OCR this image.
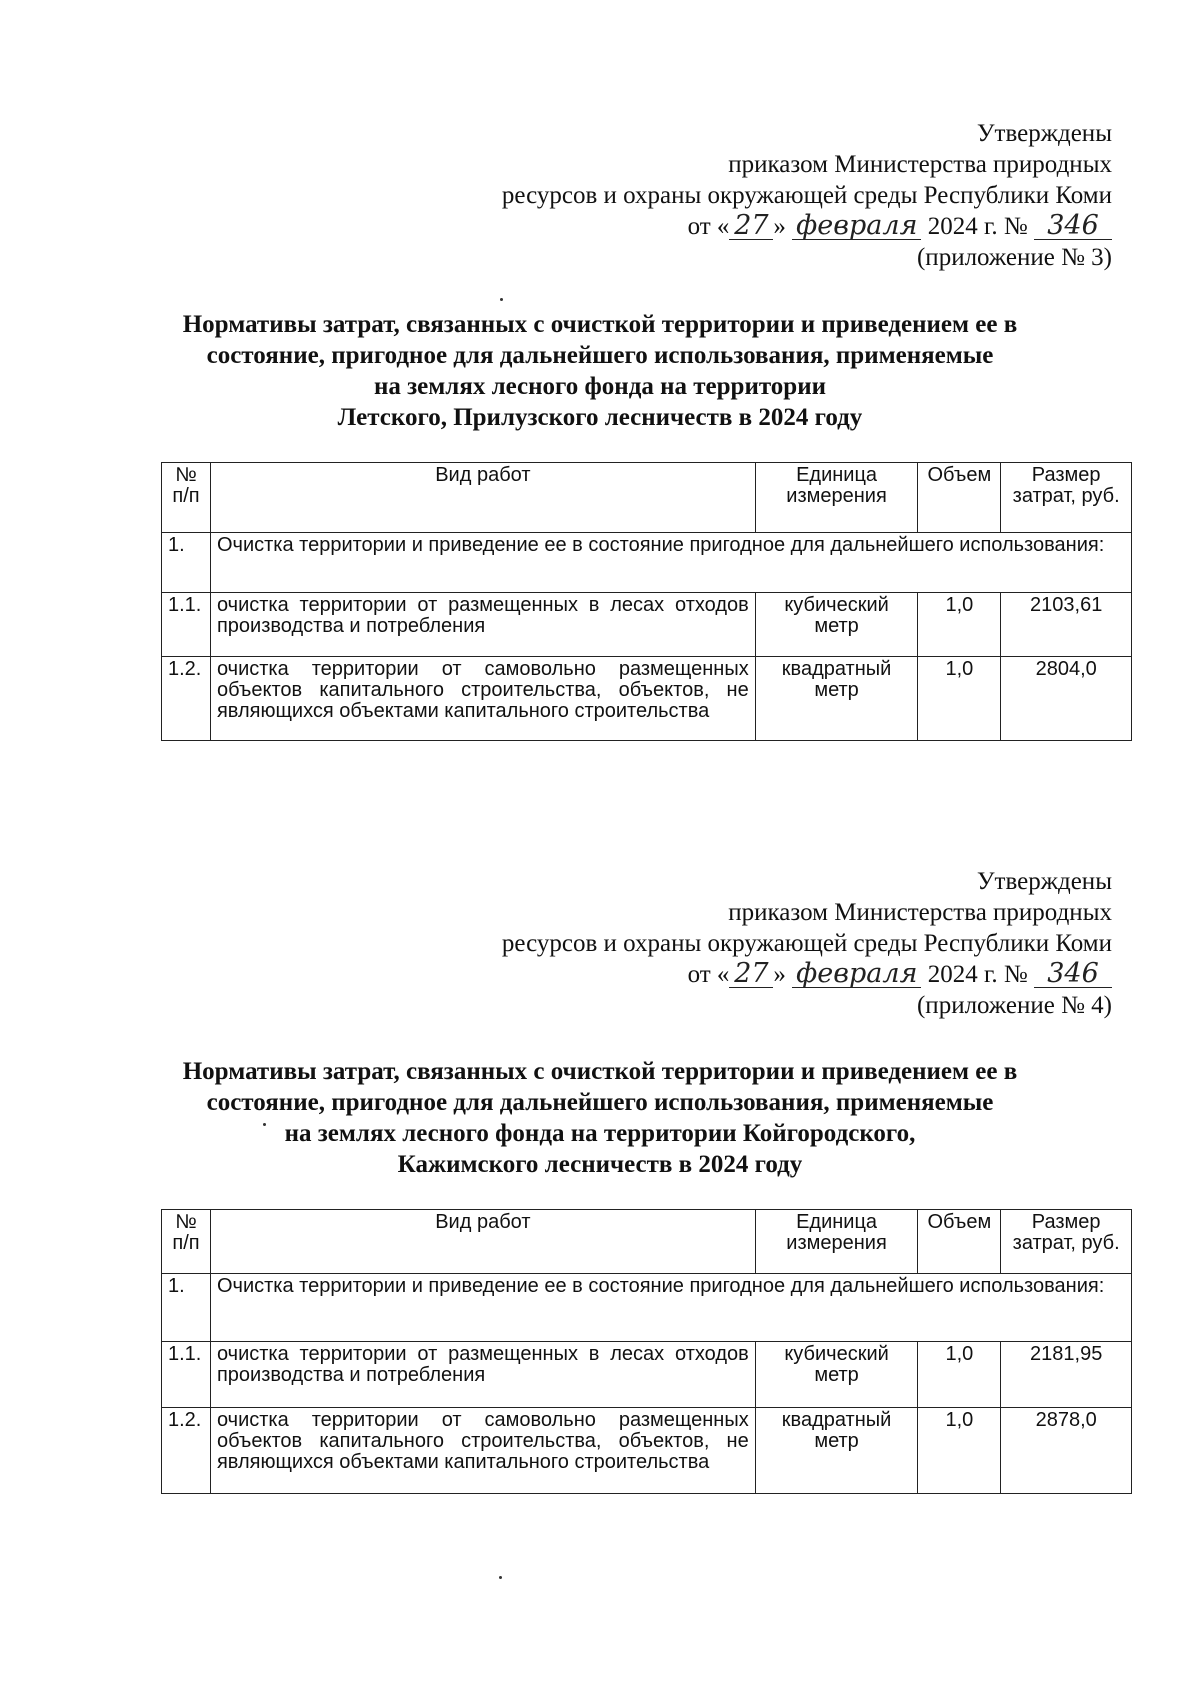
Утверждены
приказом Министерства природных
ресурсов и охраны окружающей среды Республики Коми
от « 27 » февраля 2024 г. № 346
(приложение № 3)
Нормативы затрат, связанных с очисткой территории и приведением ее в
состояние, пригодное для дальнейшего использования, применяемые
на землях лесного фонда на территории
Летского, Прилузского лесничеств в 2024 году
№ п/п	Вид работ	Единица измерения	Объем	Размер затрат, руб.
1.	Очистка территории и приведение ее в состояние пригодное для дальнейшего использования:			
1.1.	очистка территории от размещенных в лесах отходов производства и потребления	кубический метр	1,0	2103,61
1.2.	очистка территории от самовольно размещенных объектов капитального строительства, объектов, не являющихся объектами капитального строительства	квадратный метр	1,0	2804,0
Утверждены
приказом Министерства природных
ресурсов и охраны окружающей среды Республики Коми
от « 27 » февраля 2024 г. № 346
(приложение № 4)
Нормативы затрат, связанных с очисткой территории и приведением ее в
состояние, пригодное для дальнейшего использования, применяемые
на землях лесного фонда на территории Койгородского,
Кажимского лесничеств в 2024 году
№ п/п	Вид работ	Единица измерения	Объем	Размер затрат, руб.
1.	Очистка территории и приведение ее в состояние пригодное для дальнейшего использования:			
1.1.	очистка территории от размещенных в лесах отходов производства и потребления	кубический метр	1,0	2181,95
1.2.	очистка территории от самовольно размещенных объектов капитального строительства, объектов, не являющихся объектами капитального строительства	квадратный метр	1,0	2878,0
